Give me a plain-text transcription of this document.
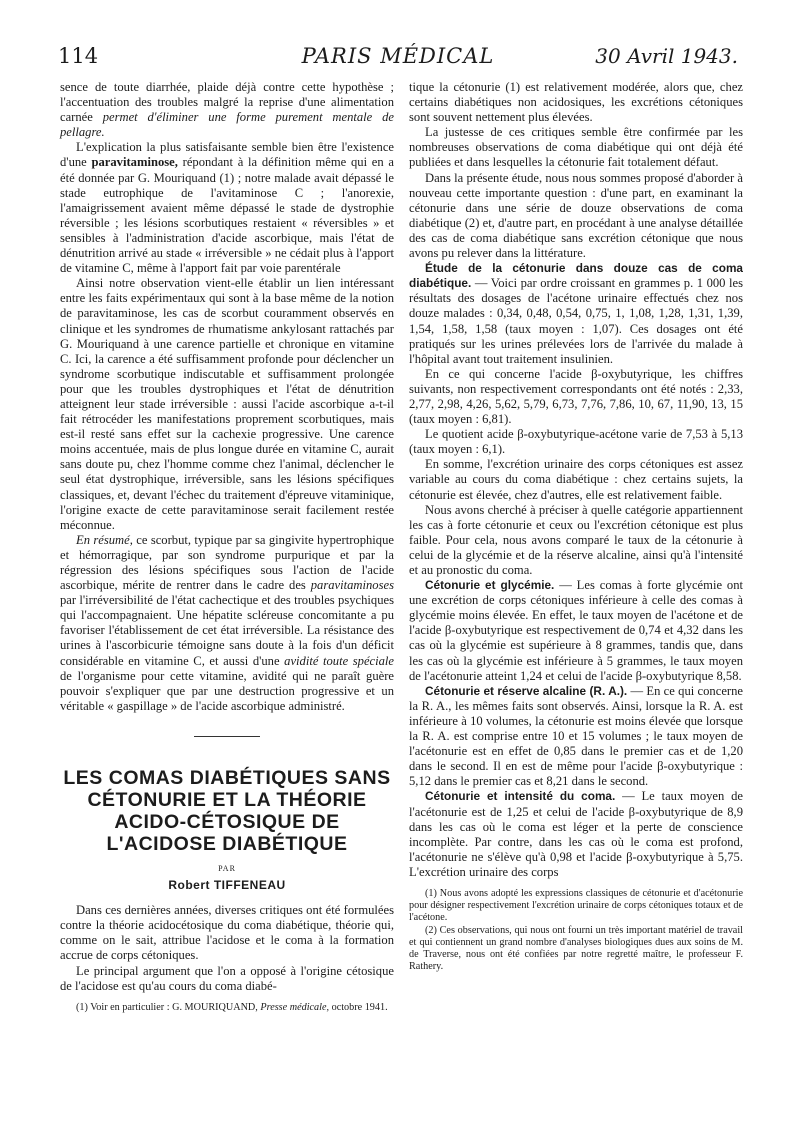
114	PARIS MÉDICAL	30 Avril 1943.

sence de toute diarrhée, plaide déjà contre cette hypothèse ; l'accentuation des troubles malgré la reprise d'une alimentation carnée permet d'éliminer une forme purement mentale de pellagre.

L'explication la plus satisfaisante semble bien être l'existence d'une paravitaminose, répondant à la définition même qui en a été donnée par G. Mouriquand (1) ; notre malade avait dépassé le stade eutrophique de l'avitaminose C ; l'anorexie, l'amaigrissement avaient même dépassé le stade de dystrophie réversible ; les lésions scorbutiques restaient « réversibles » et sensibles à l'administration d'acide ascorbique, mais l'état de dénutrition arrivé au stade « irréversible » ne cédait plus à l'apport de vitamine C, même à l'apport fait par voie parentérale

Ainsi notre observation vient-elle établir un lien intéressant entre les faits expérimentaux qui sont à la base même de la notion de paravitaminose, les cas de scorbut couramment observés en clinique et les syndromes de rhumatisme ankylosant rattachés par G. Mouriquand à une carence partielle et chronique en vitamine C. Ici, la carence a été suffisamment profonde pour déclencher un syndrome scorbutique indiscutable et suffisamment prolongée pour que les troubles dystrophiques et l'état de dénutrition atteignent leur stade irréversible : aussi l'acide ascorbique a-t-il fait rétrocéder les manifestations proprement scorbutiques, mais est-il resté sans effet sur la cachexie progressive. Une carence moins accentuée, mais de plus longue durée en vitamine C, aurait sans doute pu, chez l'homme comme chez l'animal, déclencher le seul état dystrophique, irréversible, sans les lésions spécifiques classiques, et, devant l'échec du traitement d'épreuve vitaminique, l'origine exacte de cette paravitaminose serait facilement restée méconnue.

En résumé, ce scorbut, typique par sa gingivite hypertrophique et hémorragique, par son syndrome purpurique et par la régression des lésions spécifiques sous l'action de l'acide ascorbique, mérite de rentrer dans le cadre des paravitaminoses par l'irréversibilité de l'état cachectique et des troubles psychiques qui l'accompagnaient. Une hépatite scléreuse concomitante a pu favoriser l'établissement de cet état irréversible. La résistance des urines à l'ascorbicurie témoigne sans doute à la fois d'un déficit considérable en vitamine C, et aussi d'une avidité toute spéciale de l'organisme pour cette vitamine, avidité qui ne paraît guère pouvoir s'expliquer que par une destruction progressive et un véritable « gaspillage » de l'acide ascorbique administré.

LES COMAS DIABÉTIQUES SANS CÉTONURIE ET LA THÉORIE ACIDO-CÉTOSIQUE DE L'ACIDOSE DIABÉTIQUE
PAR
Robert TIFFENEAU

Dans ces dernières années, diverses critiques ont été formulées contre la théorie acidocétosique du coma diabétique, théorie qui, comme on le sait, attribue l'acidose et le coma à la formation accrue de corps cétoniques.

Le principal argument que l'on a opposé à l'origine cétosique de l'acidose est qu'au cours du coma diabé-

(1) Voir en particulier : G. MOURIQUAND, Presse médicale, octobre 1941.

tique la cétonurie (1) est relativement modérée, alors que, chez certains diabétiques non acidosiques, les excrétions cétoniques sont souvent nettement plus élevées.

La justesse de ces critiques semble être confirmée par les nombreuses observations de coma diabétique qui ont déjà été publiées et dans lesquelles la cétonurie fait totalement défaut.

Dans la présente étude, nous nous sommes proposé d'aborder à nouveau cette importante question : d'une part, en examinant la cétonurie dans une série de douze observations de coma diabétique (2) et, d'autre part, en procédant à une analyse détaillée des cas de coma diabétique sans excrétion cétonique que nous avons pu relever dans la littérature.

Étude de la cétonurie dans douze cas de coma diabétique. — Voici par ordre croissant en grammes p. 1 000 les résultats des dosages de l'acétone urinaire effectués chez nos douze malades : 0,34, 0,48, 0,54, 0,75, 1, 1,08, 1,28, 1,31, 1,39, 1,54, 1,58, 1,58 (taux moyen : 1,07). Ces dosages ont été pratiqués sur les urines prélevées lors de l'arrivée du malade à l'hôpital avant tout traitement insulinien.

En ce qui concerne l'acide β-oxybutyrique, les chiffres suivants, non respectivement correspondants ont été notés : 2,33, 2,77, 2,98, 4,26, 5,62, 5,79, 6,73, 7,76, 7,86, 10, 67, 11,90, 13, 15 (taux moyen : 6,81).

Le quotient acide β-oxybutyrique-acétone varie de 7,53 à 5,13 (taux moyen : 6,1).

En somme, l'excrétion urinaire des corps cétoniques est assez variable au cours du coma diabétique : chez certains sujets, la cétonurie est élevée, chez d'autres, elle est relativement faible.

Nous avons cherché à préciser à quelle catégorie appartiennent les cas à forte cétonurie et ceux ou l'excrétion cétonique est plus faible. Pour cela, nous avons comparé le taux de la cétonurie à celui de la glycémie et de la réserve alcaline, ainsi qu'à l'intensité et au pronostic du coma.

Cétonurie et glycémie. — Les comas à forte glycémie ont une excrétion de corps cétoniques inférieure à celle des comas à glycémie moins élevée. En effet, le taux moyen de l'acétone et de l'acide β-oxybutyrique est respectivement de 0,74 et 4,32 dans les cas où la glycémie est supérieure à 8 grammes, tandis que, dans les cas où la glycémie est inférieure à 5 grammes, le taux moyen de l'acétonurie atteint 1,24 et celui de l'acide β-oxybutyrique 8,58.

Cétonurie et réserve alcaline (R. A.). — En ce qui concerne la R. A., les mêmes faits sont observés. Ainsi, lorsque la R. A. est inférieure à 10 volumes, la cétonurie est moins élevée que lorsque la R. A. est comprise entre 10 et 15 volumes ; le taux moyen de l'acétonurie est en effet de 0,85 dans le premier cas et de 1,20 dans le second. Il en est de même pour l'acide β-oxybutyrique : 5,12 dans le premier cas et 8,21 dans le second.

Cétonurie et intensité du coma. — Le taux moyen de l'acétonurie est de 1,25 et celui de l'acide β-oxybutyrique de 8,9 dans les cas où le coma est léger et la perte de conscience incomplète. Par contre, dans les cas où le coma est profond, l'acétonurie ne s'élève qu'à 0,98 et l'acide β-oxybutyrique à 5,75. L'excrétion urinaire des corps

(1) Nous avons adopté les expressions classiques de cétonurie et d'acétonurie pour désigner respectivement l'excrétion urinaire de corps cétoniques totaux et de l'acétone.

(2) Ces observations, qui nous ont fourni un très important matériel de travail et qui contiennent un grand nombre d'analyses biologiques dues aux soins de M. de Traverse, nous ont été confiées par notre regretté maître, le professeur F. Rathery.
